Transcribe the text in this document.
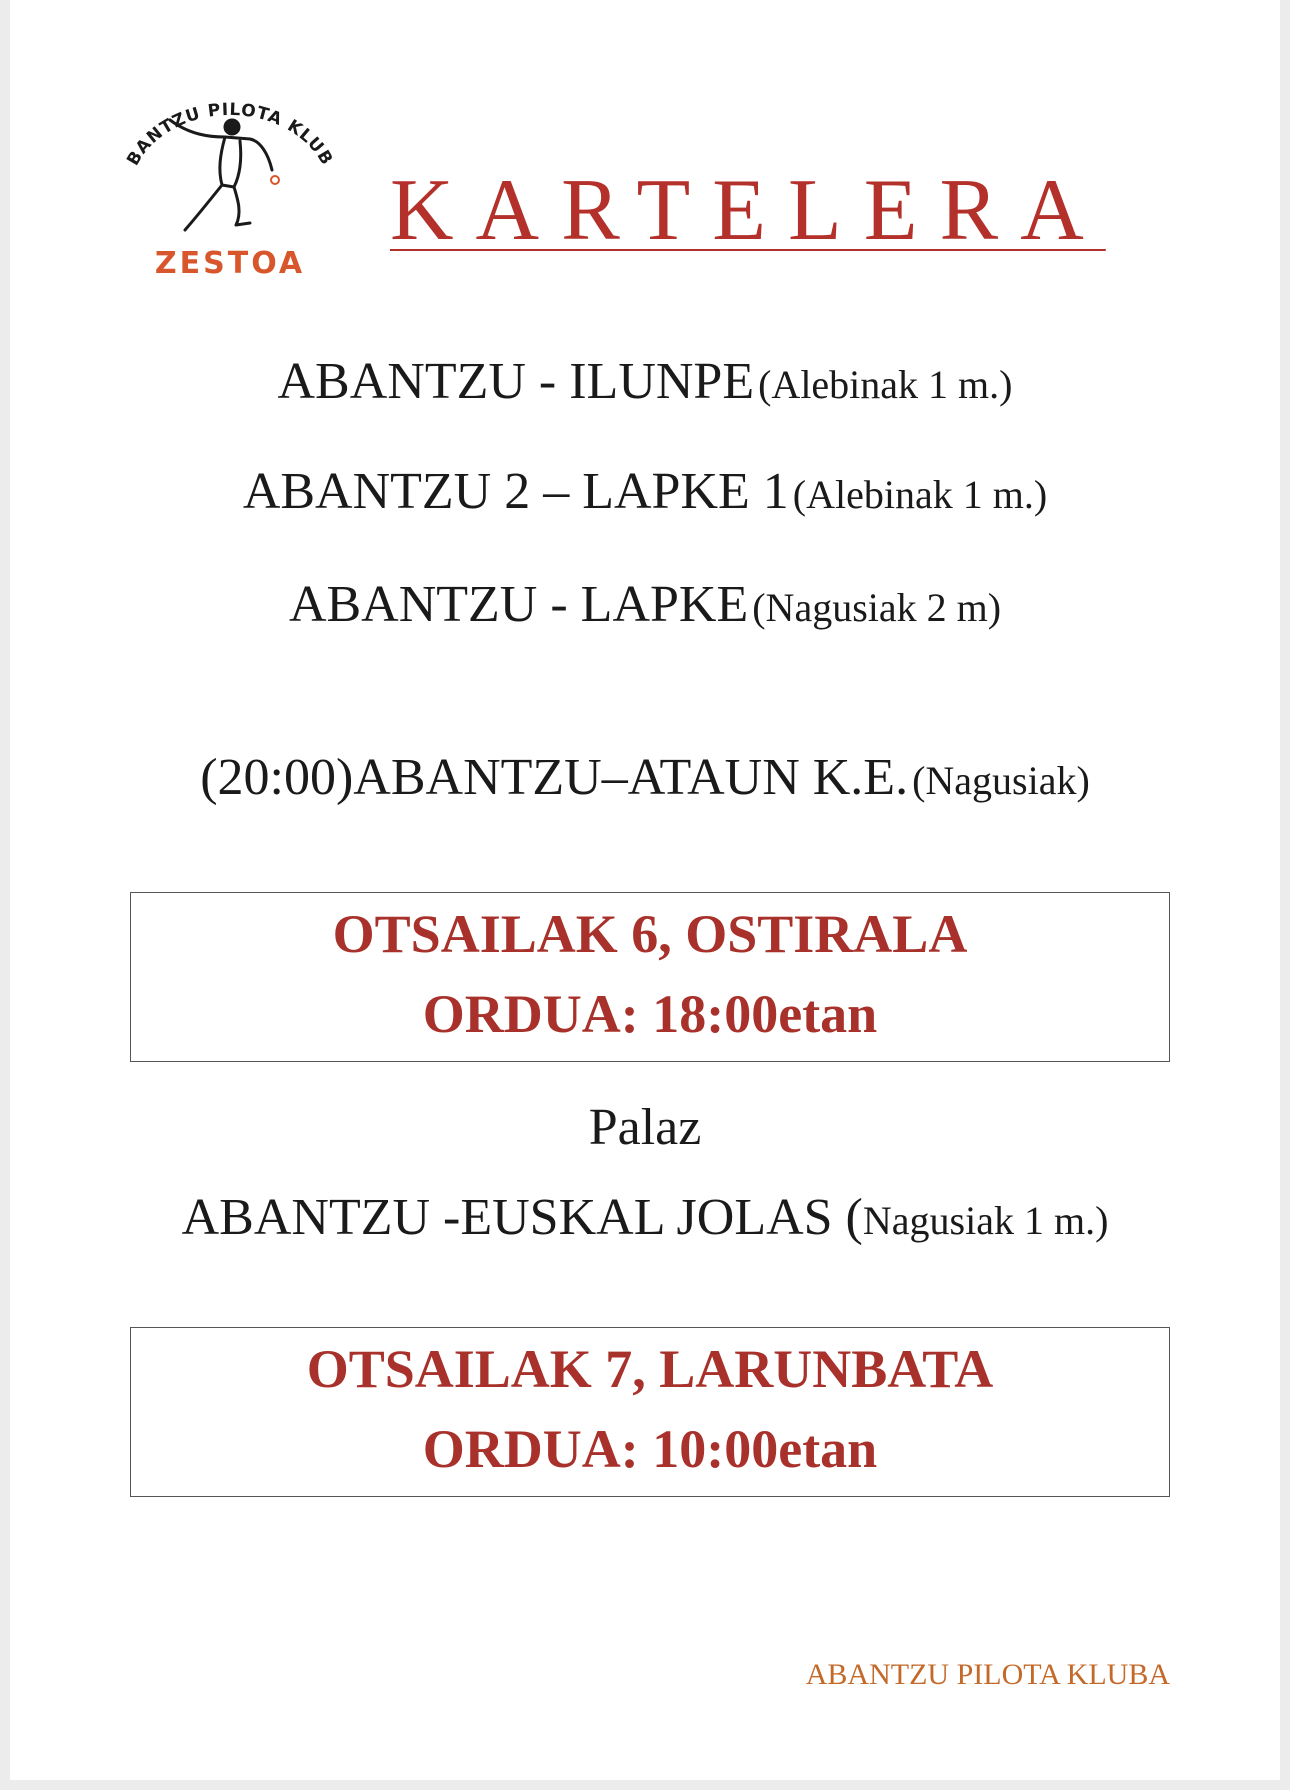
BANTZU PILOTA KLUB
ZESTOA
KARTELERA
ABANTZU - ILUNPE (Alebinak 1 m.)
ABANTZU 2 – LAPKE 1 (Alebinak 1 m.)
ABANTZU - LAPKE (Nagusiak 2 m)
(20:00)ABANTZU–ATAUN K.E. (Nagusiak)
OTSAILAK 6, OSTIRALA
ORDUA: 18:00etan
Palaz
ABANTZU -EUSKAL JOLAS (Nagusiak 1 m.)
OTSAILAK 7, LARUNBATA
ORDUA: 10:00etan
ABANTZU PILOTA KLUBA
